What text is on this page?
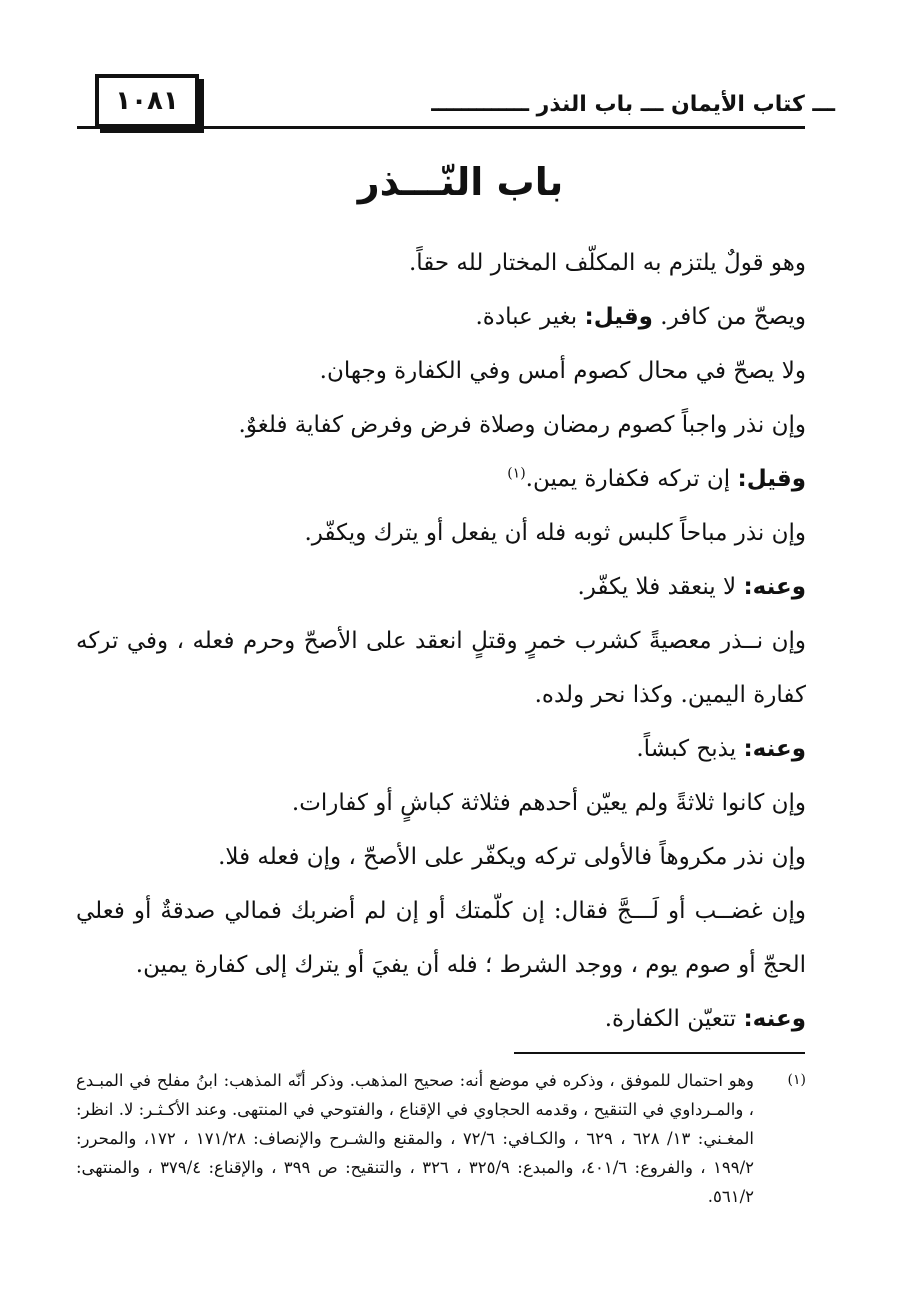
١٠٨١	ـــ كتاب الأيمان ـــ باب النذر ـــــــــــــ
باب النّـــذر

وهو قولٌ يلتزم به المكلّف المختار لله حقاً.

ويصحّ من كافر. وقيل: بغير عبادة.

ولا يصحّ في محال كصوم أمس وفي الكفارة وجهان.

وإن نذر واجباً كصوم رمضان وصلاة فرض وفرض كفاية فلغوٌ.

وقيل: إن تركه فكفارة يمين.$^{(١)}$

وإن نذر مباحاً كلبس ثوبه فله أن يفعل أو يترك ويكفّر.

وعنه: لا ينعقد فلا يكفّر.

وإن نــذر معصيةً كشرب خمرٍ وقتلٍ انعقد على الأصحّ وحرم فعله ، وفي تركه كفارة اليمين. وكذا نحر ولده.

وعنه: يذبح كبشاً.

وإن كانوا ثلاثةً ولم يعيّن أحدهم فثلاثة كباشٍ أو كفارات.

وإن نذر مكروهاً فالأولى تركه ويكفّر على الأصحّ ، وإن فعله فلا.

وإن غضــب أو لَـــجَّ فقال: إن كلّمتك أو إن لم أضربك فمالي صدقةٌ أو فعلي الحجّ أو صوم يوم ، ووجد الشرط ؛ فله أن يفيَ أو يترك إلى كفارة يمين.

وعنه: تتعيّن الكفارة.

(١)
وهو احتمال للموفق ، وذكره في موضع أنه: صحيح المذهب. وذكر أنّه المذهب: ابنُ مفلح في المبـدع ، والمـرداوي في التنقيح ، وقدمه الحجاوي في الإقناع ، والفتوحي في المنتهى. وعند الأكـثـر: لا. انظر: المغـني: ١٣/ ٦٢٨ ، ٦٢٩ ، والكـافي: ٧٢/٦ ، والمقنع والشـرح والإنصاف: ١٧١/٢٨ ، ١٧٢، والمحرر: ١٩٩/٢ ، والفروع: ٤٠١/٦، والمبدع: ٣٢٥/٩ ، ٣٢٦ ، والتنقيح: ص ٣٩٩ ، والإقناع: ٣٧٩/٤ ، والمنتهى: ٥٦١/٢.
